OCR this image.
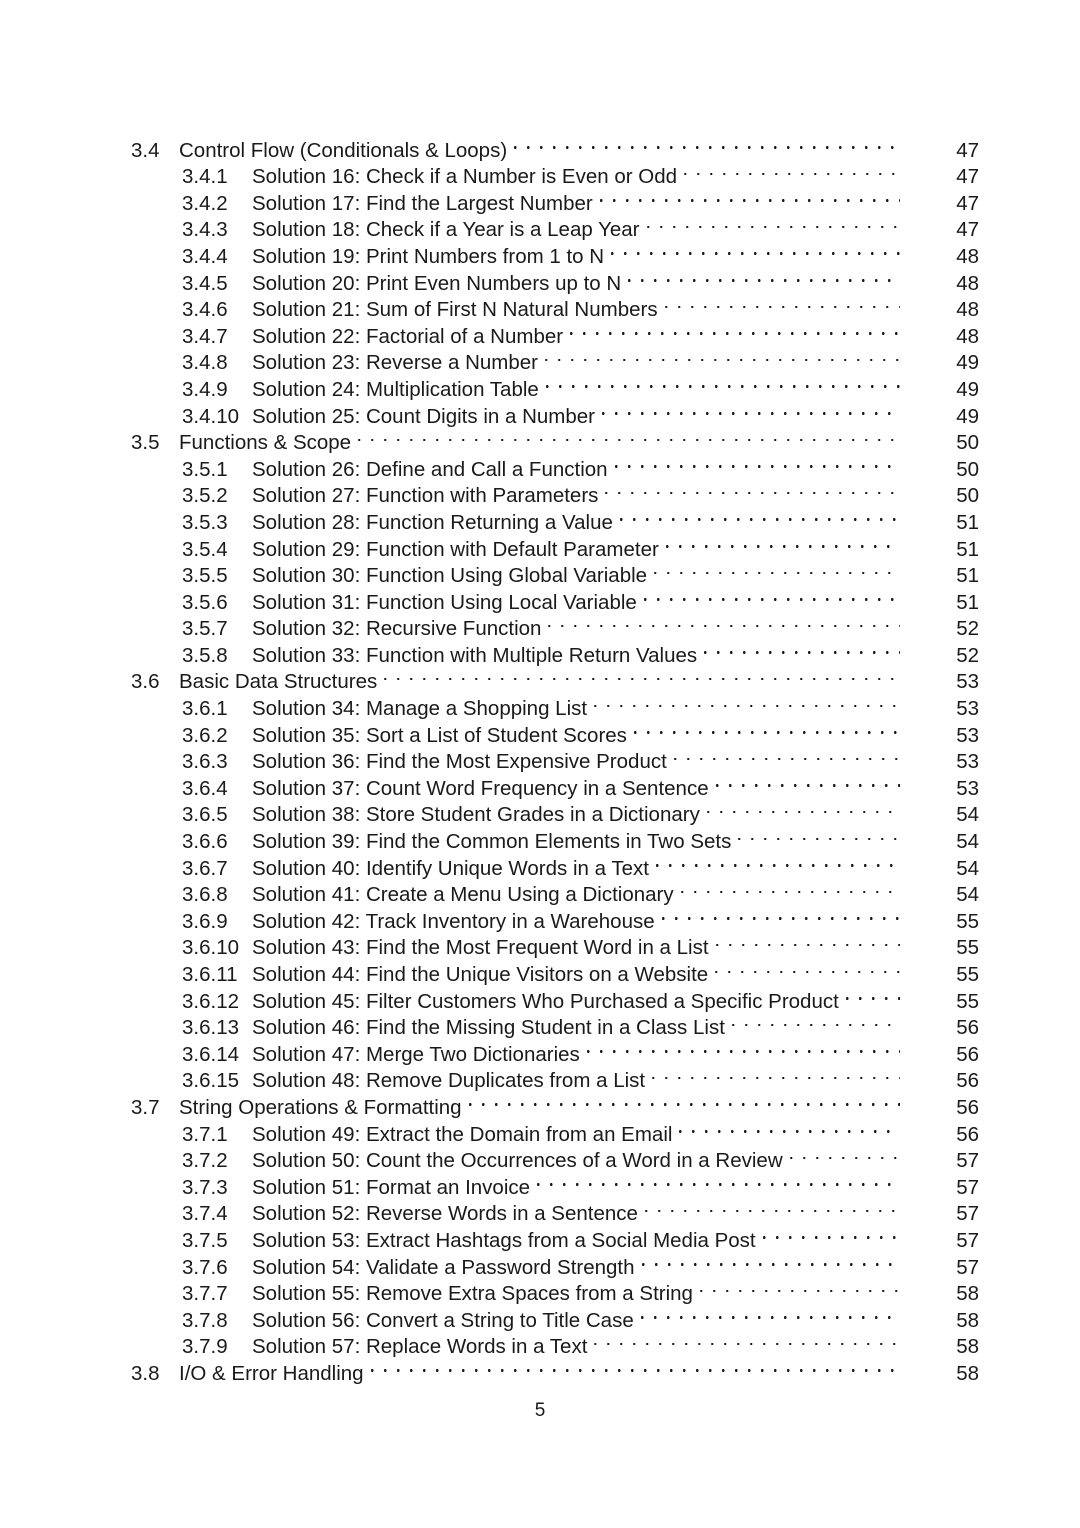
3.4 Control Flow (Conditionals & Loops)	47
3.4.1	Solution 16: Check if a Number is Even or Odd	47
3.4.2	Solution 17: Find the Largest Number	47
3.4.3	Solution 18: Check if a Year is a Leap Year	47
3.4.4	Solution 19: Print Numbers from 1 to N	48
3.4.5	Solution 20: Print Even Numbers up to N	48
3.4.6	Solution 21: Sum of First N Natural Numbers	48
3.4.7	Solution 22: Factorial of a Number	48
3.4.8	Solution 23: Reverse a Number	49
3.4.9	Solution 24: Multiplication Table	49
3.4.10 Solution 25: Count Digits in a Number	49
3.5 Functions & Scope	50
3.5.1	Solution 26: Define and Call a Function	50
3.5.2	Solution 27: Function with Parameters	50
3.5.3	Solution 28: Function Returning a Value	51
3.5.4	Solution 29: Function with Default Parameter	51
3.5.5	Solution 30: Function Using Global Variable	51
3.5.6	Solution 31: Function Using Local Variable	51
3.5.7	Solution 32: Recursive Function	52
3.5.8	Solution 33: Function with Multiple Return Values	52
3.6 Basic Data Structures	53
3.6.1	Solution 34: Manage a Shopping List	53
3.6.2	Solution 35: Sort a List of Student Scores	53
3.6.3	Solution 36: Find the Most Expensive Product	53
3.6.4	Solution 37: Count Word Frequency in a Sentence	53
3.6.5	Solution 38: Store Student Grades in a Dictionary	54
3.6.6	Solution 39: Find the Common Elements in Two Sets	54
3.6.7	Solution 40: Identify Unique Words in a Text	54
3.6.8	Solution 41: Create a Menu Using a Dictionary	54
3.6.9	Solution 42: Track Inventory in a Warehouse	55
3.6.10 Solution 43: Find the Most Frequent Word in a List	55
3.6.11 Solution 44: Find the Unique Visitors on a Website	55
3.6.12 Solution 45: Filter Customers Who Purchased a Specific Product	55
3.6.13 Solution 46: Find the Missing Student in a Class List	56
3.6.14 Solution 47: Merge Two Dictionaries	56
3.6.15 Solution 48: Remove Duplicates from a List	56
3.7 String Operations & Formatting	56
3.7.1	Solution 49: Extract the Domain from an Email	56
3.7.2	Solution 50: Count the Occurrences of a Word in a Review	57
3.7.3	Solution 51: Format an Invoice	57
3.7.4	Solution 52: Reverse Words in a Sentence	57
3.7.5	Solution 53: Extract Hashtags from a Social Media Post	57
3.7.6	Solution 54: Validate a Password Strength	57
3.7.7	Solution 55: Remove Extra Spaces from a String	58
3.7.8	Solution 56: Convert a String to Title Case	58
3.7.9	Solution 57: Replace Words in a Text	58
3.8 I/O & Error Handling	58
5
